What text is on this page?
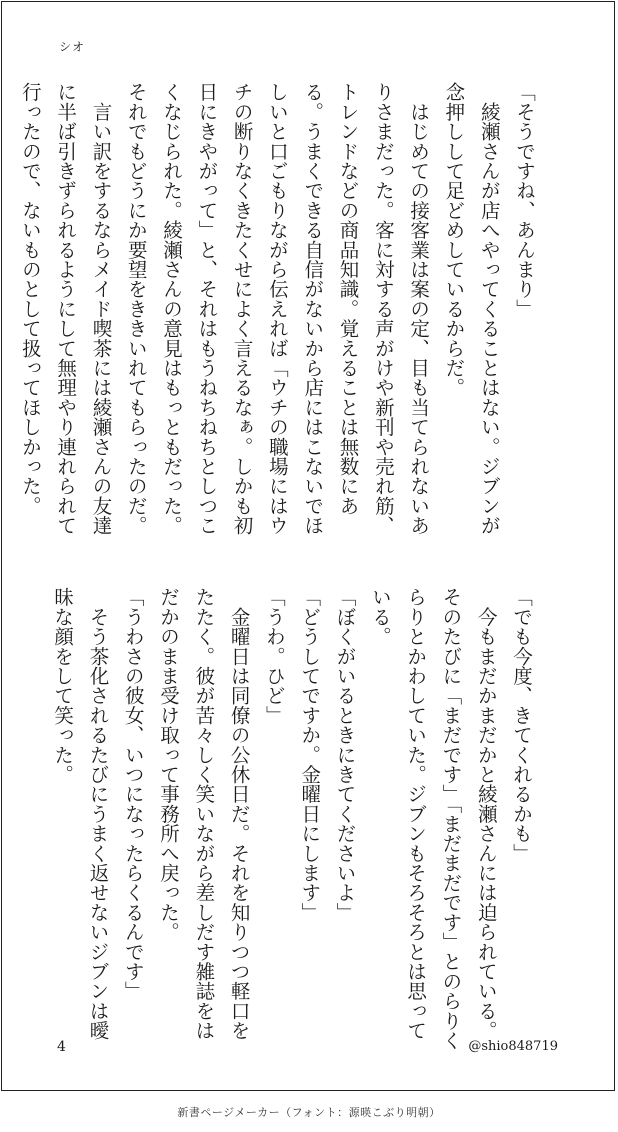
シオ
「そうですね、あんまり」
　綾瀬さんが店へやってくることはない。ジブンが念押しして足どめしているからだ。
　はじめての接客業は案の定、目も当てられないありさまだった。客に対する声がけや新刊や売れ筋、トレンドなどの商品知識。覚えることは無数にある。うまくできる自信がないから店にはこないでほしいと口ごもりながら伝えれば「ウチの職場にはウチの断りなくきたくせによく言えるなぁ。しかも初日にきやがって」と、それはもうねちねちとしつこくなじられた。綾瀬さんの意見はもっともだった。それでもどうにか要望をききいれてもらったのだ。
　言い訳をするならメイド喫茶には綾瀬さんの友達に半ば引きずられるようにして無理やり連れられて行ったので、ないものとして扱ってほしかった。
「でも今度、きてくれるかも」
　今もまだかまだかと綾瀬さんには迫られている。そのたびに「まだです」「まだまだです」とのらりくらりとかわしていた。ジブンもそろそろとは思っている。
「ぼくがいるときにきてくださいよ」
「どうしてですか。金曜日にします」
「うわ。ひど」
　金曜日は同僚の公休日だ。それを知りつつ軽口をたたく。彼が苦々しく笑いながら差しだす雑誌をはだかのまま受け取って事務所へ戻った。
「うわさの彼女、いつになったらくるんです」
　そう茶化されるたびにうまく返せないジブンは曖昧な顔をして笑った。
4	@shio848719
新書ページメーカー（フォント：源暎こぶり明朝）
